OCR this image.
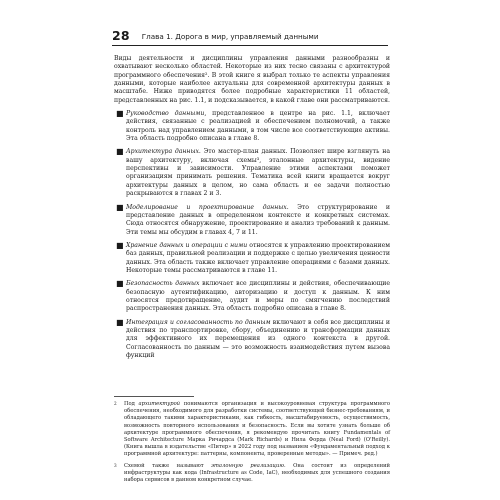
28 Глава 1. Дорога в мир, управляемый данными

Виды деятельности и дисциплины управления данными разнообразны и охватывают несколько областей. Некоторые из них тесно связаны с архитектурой программного обеспечения². В этой книге я выбрал только те аспекты управления данными, которые наиболее актуальны для современной архитектуры данных в масштабе. Ниже приводятся более подробные характеристики 11 областей, представленных на рис. 1.1, и подсказывается, в какой главе они рассматриваются.

■ Руководство данными, представленное в центре на рис. 1.1, включает действия, связанные с реализацией и обеспечением полномочий, а также контроль над управлением данными, в том числе все соответствующие активы. Эта область подробно описана в главе 8.
■ Архитектура данных. Это мастер-план данных. Позволяет шире взглянуть на вашу архитектуру, включая схемы³, эталонные архитектуры, видение перспективы и зависимости. Управление этими аспектами поможет организациям принимать решения. Тематика всей книги вращается вокруг архитектуры данных в целом, но сама область и ее задачи полностью раскрываются в главах 2 и 3.
■ Моделирование и проектирование данных. Это структурирование и представление данных в определенном контексте и конкретных системах. Сюда относятся обнаружение, проектирование и анализ требований к данным. Эти темы мы обсудим в главах 4, 7 и 11.
■ Хранение данных и операции с ними относятся к управлению проектированием баз данных, правильной реализации и поддержке с целью увеличения ценности данных. Эта область также включает управление операциями с базами данных. Некоторые темы рассматриваются в главе 11.
■ Безопасность данных включает все дисциплины и действия, обеспечивающие безопасную аутентификацию, авторизацию и доступ к данным. К ним относятся предотвращение, аудит и меры по смягчению последствий распространения данных. Эта область подробно описана в главе 8.
■ Интеграция и согласованность по данным включают в себя все дисциплины и действия по транспортировке, сбору, объединению и трансформации данных для эффективного их перемещения из одного контекста в другой. Согласованность по данным — это возможность взаимодействия путем вызова функций
2 Под архитектурой понимаются организация и высокоуровневая структура программного обеспечения, необходимого для разработки системы, соответствующей бизнес-требованиям, и обладающего такими характеристиками, как гибкость, масштабируемость, осуществимость, возможность повторного использования и безопасность. Если вы хотите узнать больше об архитектуре программного обеспечения, я рекомендую прочитать книгу Fundamentals of Software Architecture Марка Ричардса (Mark Richards) и Нила Форда (Neal Ford) (O'Reilly). (Книга вышла в издательстве «Питер» в 2022 году под названием «Фундаментальный подход к программной архитектуре: паттерны, компоненты, проверенные методы». — Примеч. ред.)
3 Схемой также называют эталонную реализацию. Она состоит из определений инфраструктуры как кода (Infrastructure as Code, IaC), необходимых для успешного создания набора сервисов в данном конкретном случае.
